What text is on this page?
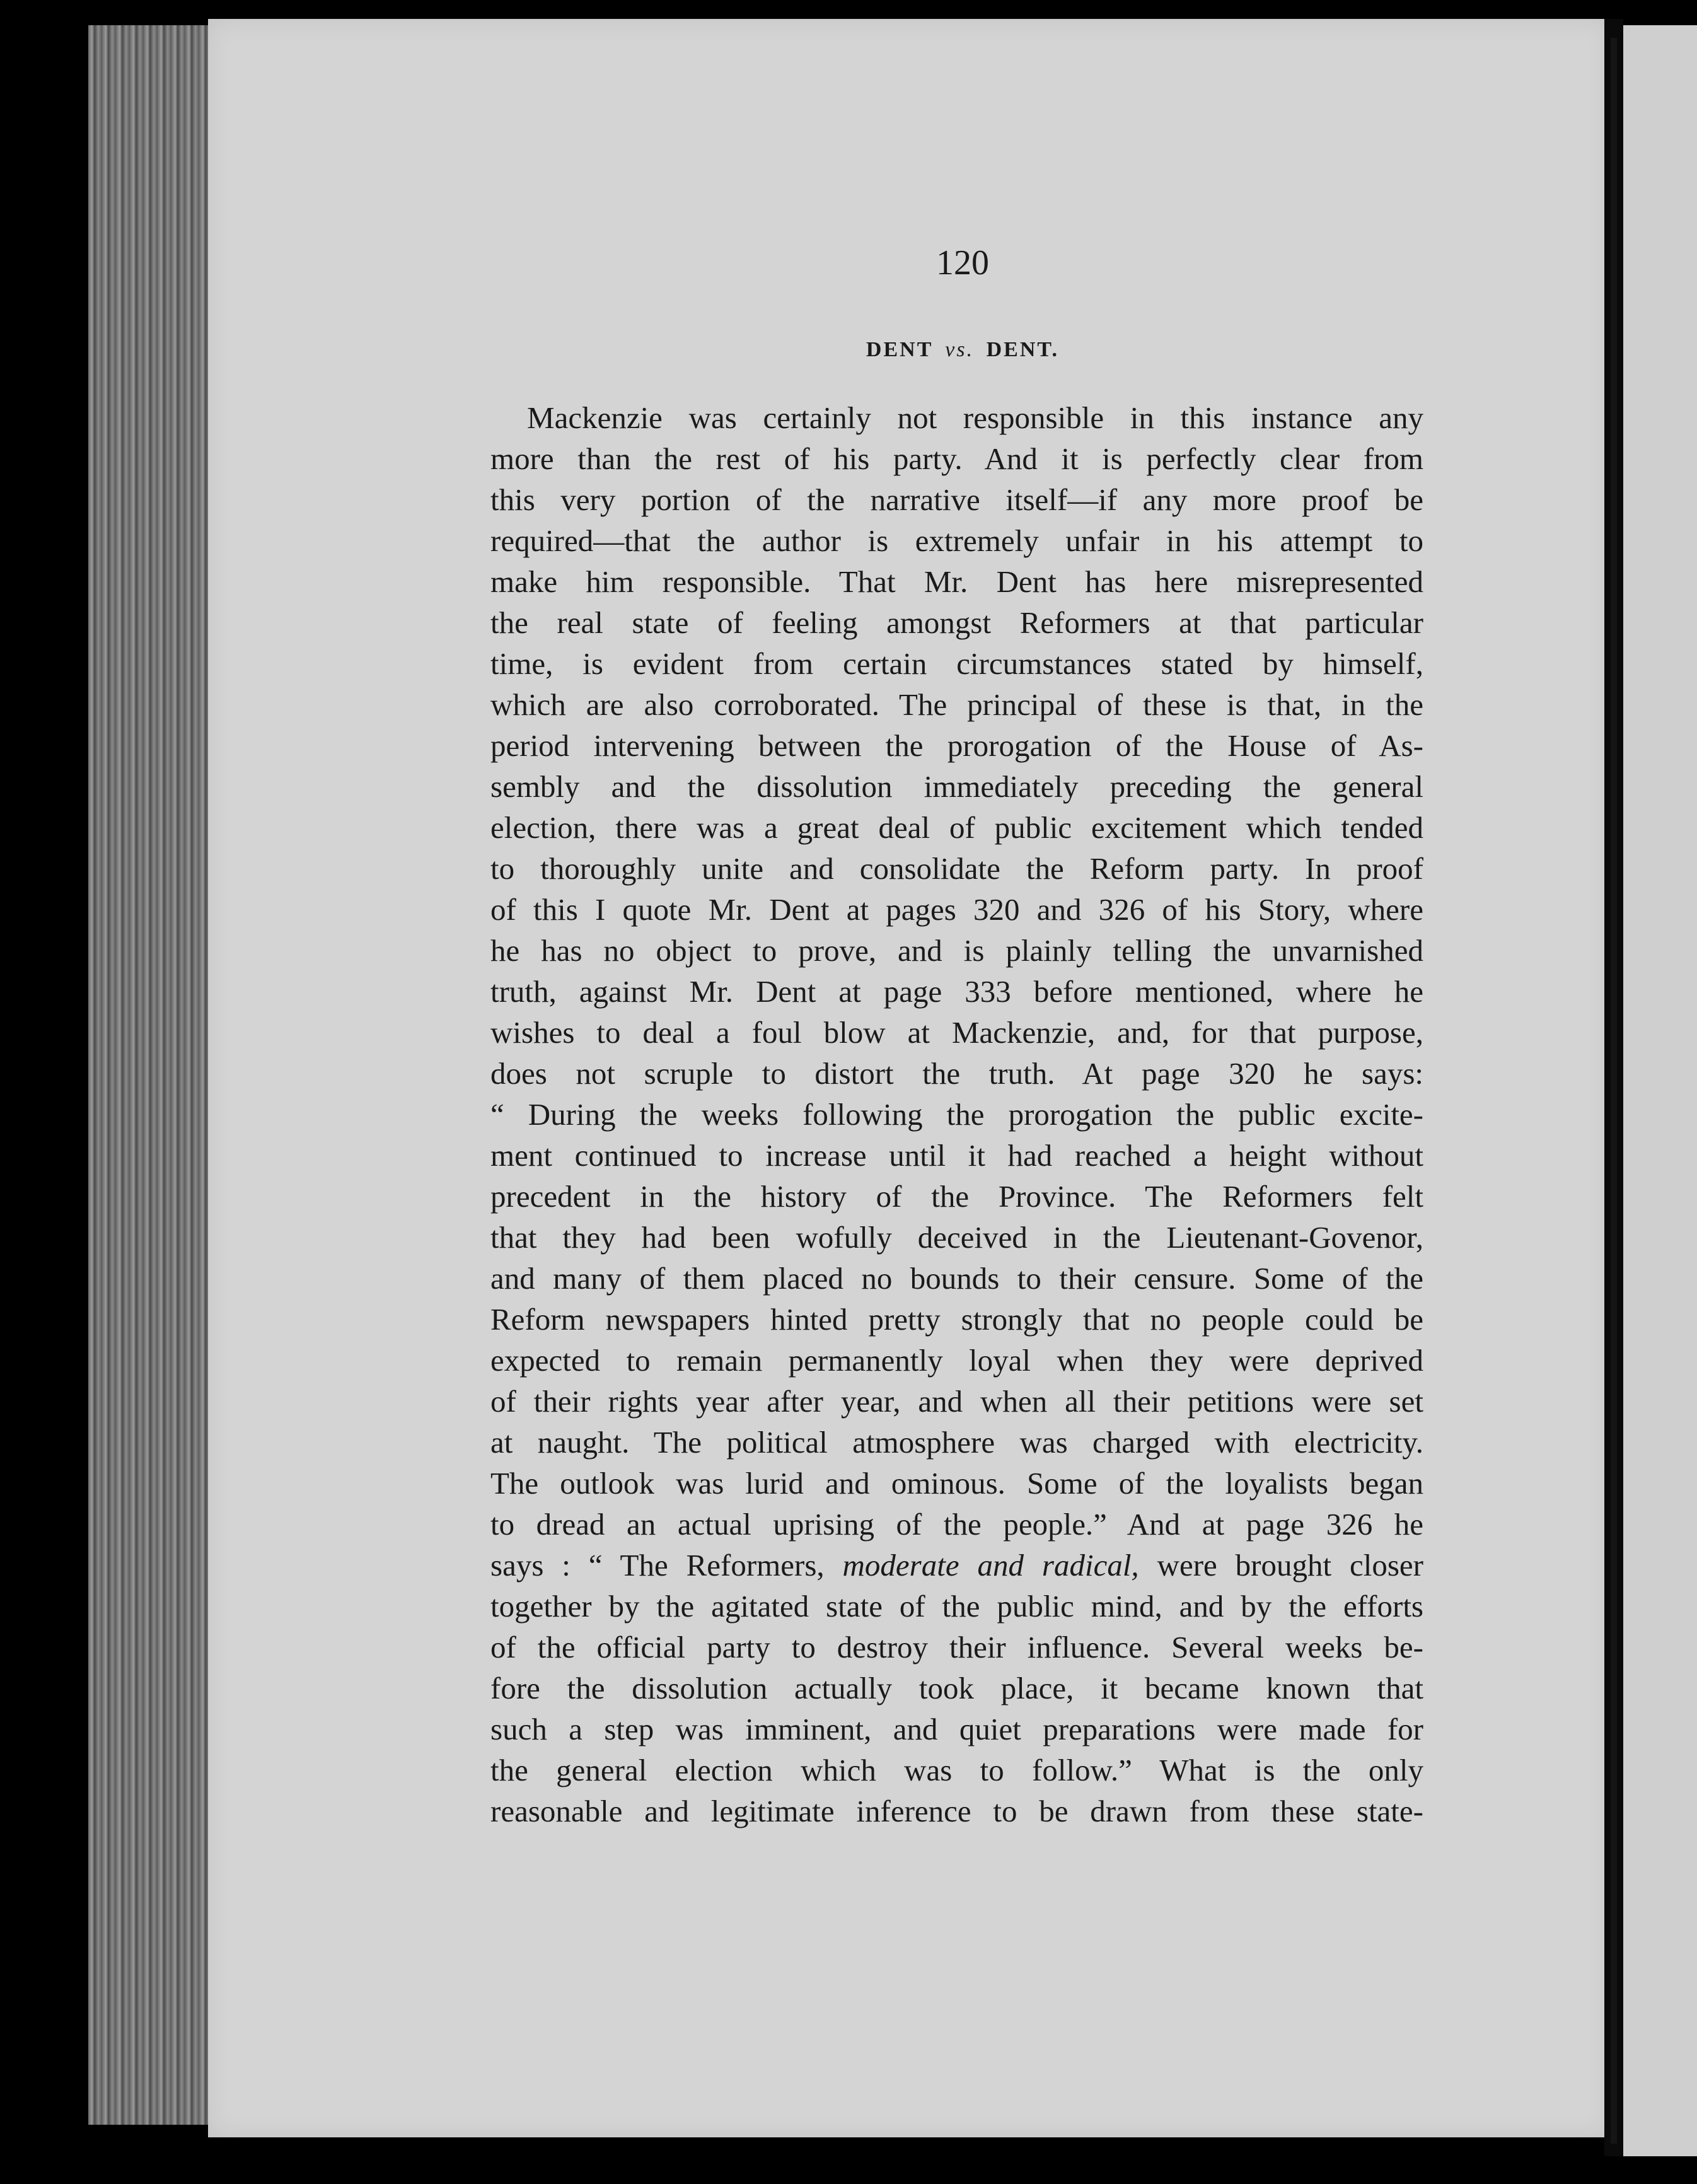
120
DENT vs. DENT.
Mackenzie was certainly not responsible in this instance any
more than the rest of his party. And it is perfectly clear from
this very portion of the narrative itself—if any more proof be
required—that the author is extremely unfair in his attempt to
make him responsible. That Mr. Dent has here misrepresented
the real state of feeling amongst Reformers at that particular
time, is evident from certain circumstances stated by himself,
which are also corroborated. The principal of these is that, in the
period intervening between the prorogation of the House of As-
sembly and the dissolution immediately preceding the general
election, there was a great deal of public excitement which tended
to thoroughly unite and consolidate the Reform party. In proof
of this I quote Mr. Dent at pages 320 and 326 of his Story, where
he has no object to prove, and is plainly telling the unvarnished
truth, against Mr. Dent at page 333 before mentioned, where he
wishes to deal a foul blow at Mackenzie, and, for that purpose,
does not scruple to distort the truth. At page 320 he says:
“ During the weeks following the prorogation the public excite-
ment continued to increase until it had reached a height without
precedent in the history of the Province. The Reformers felt
that they had been wofully deceived in the Lieutenant-Govenor,
and many of them placed no bounds to their censure. Some of the
Reform newspapers hinted pretty strongly that no people could be
expected to remain permanently loyal when they were deprived
of their rights year after year, and when all their petitions were set
at naught. The political atmosphere was charged with electricity.
The outlook was lurid and ominous. Some of the loyalists began
to dread an actual uprising of the people.” And at page 326 he
says : “ The Reformers, moderate and radical, were brought closer
together by the agitated state of the public mind, and by the efforts
of the official party to destroy their influence. Several weeks be-
fore the dissolution actually took place, it became known that
such a step was imminent, and quiet preparations were made for
the general election which was to follow.” What is the only
reasonable and legitimate inference to be drawn from these state-
